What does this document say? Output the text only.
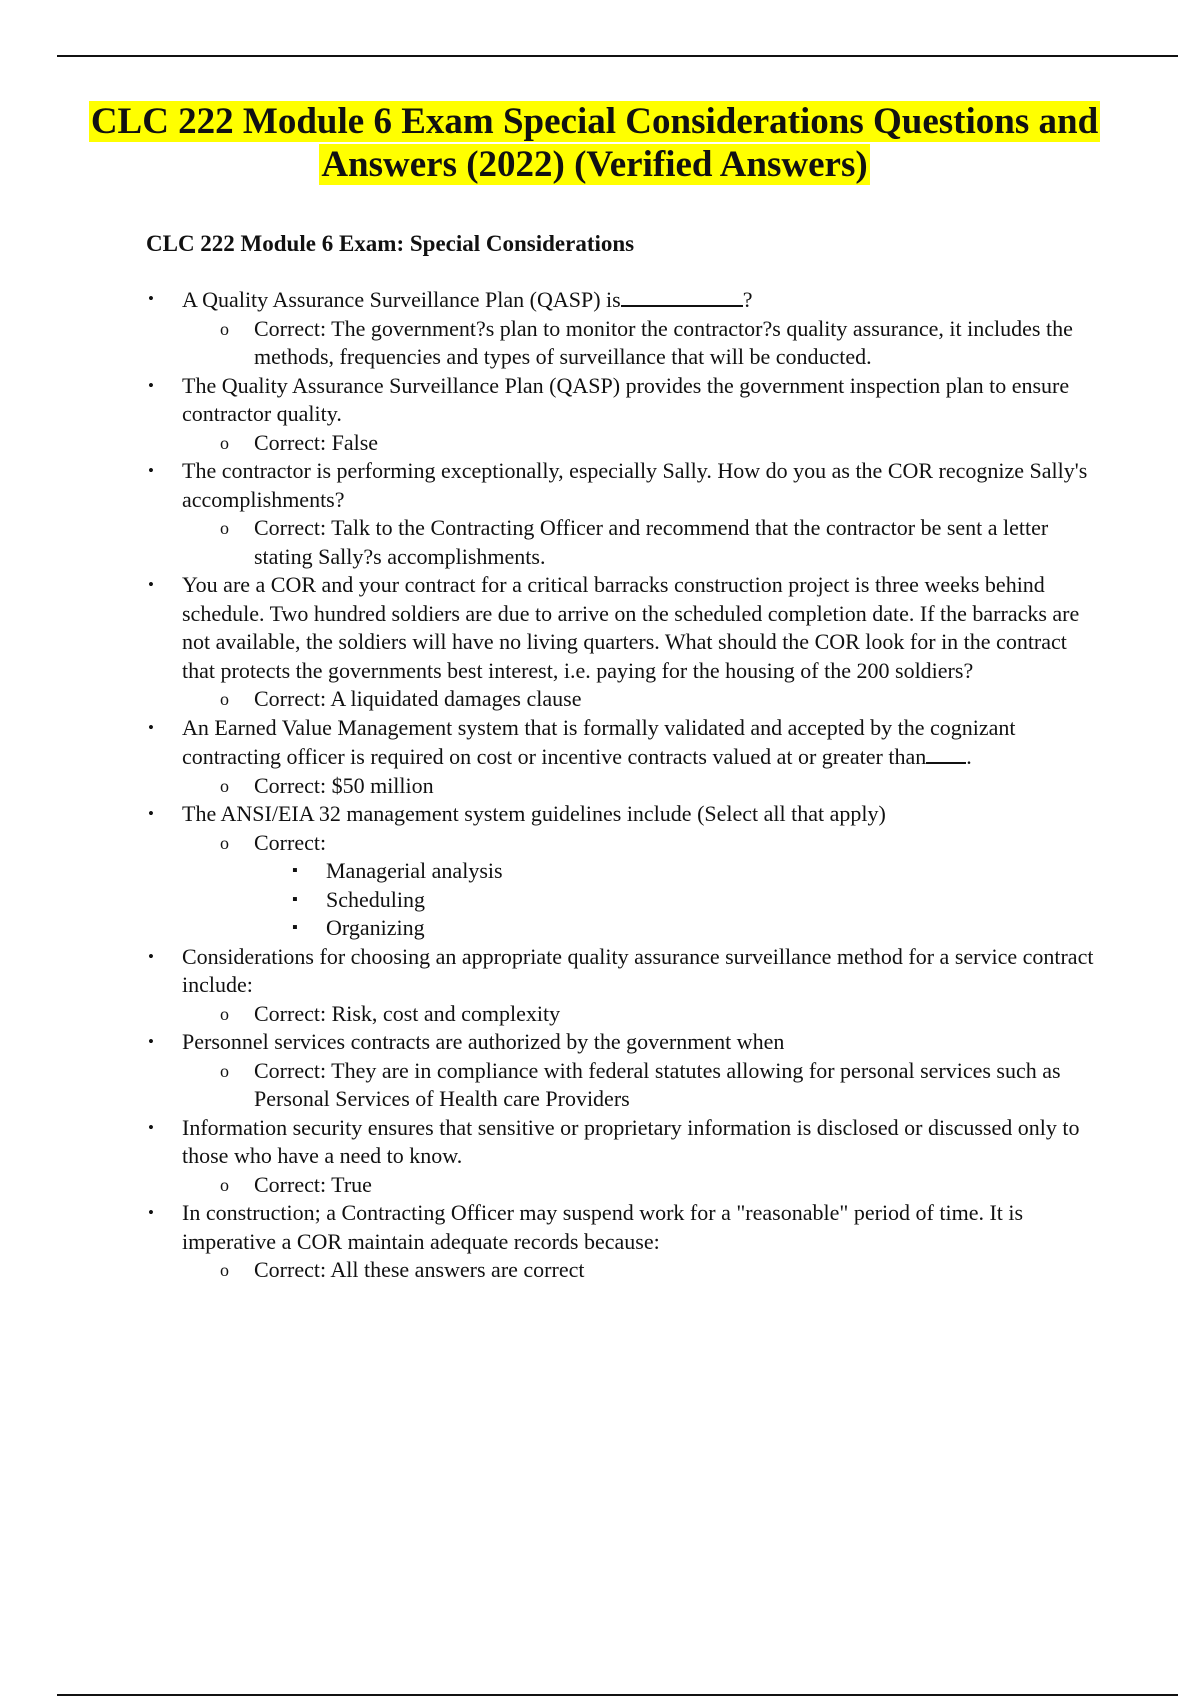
CLC 222 Module 6 Exam Special Considerations Questions and
Answers (2022) (Verified Answers)
CLC 222 Module 6 Exam: Special Considerations

• A Quality Assurance Surveillance Plan (QASP) is	?

o Correct: The government?s plan to monitor the contractor?s quality assurance, it includes the methods, frequencies and types of surveillance that will be conducted.

• The Quality Assurance Surveillance Plan (QASP) provides the government inspection plan to ensure contractor quality.

o Correct: False

• The contractor is performing exceptionally, especially Sally. How do you as the COR recognize Sally's accomplishments?

o Correct: Talk to the Contracting Officer and recommend that the contractor be sent a letter stating Sally?s accomplishments.

• You are a COR and your contract for a critical barracks construction project is three weeks behind schedule. Two hundred soldiers are due to arrive on the scheduled completion date. If the barracks are not available, the soldiers will have no living quarters. What should the COR look for in the contract that protects the governments best interest, i.e. paying for the housing of the 200 soldiers?

o Correct: A liquidated damages clause

• An Earned Value Management system that is formally validated and accepted by the cognizant contracting officer is required on cost or incentive contracts valued at or greater than .

o Correct: $50 million

• The ANSI/EIA 32 management system guidelines include (Select all that apply)

o Correct:

▪ Managerial analysis

▪ Scheduling

▪ Organizing

• Considerations for choosing an appropriate quality assurance surveillance method for a service contract include:

o Correct: Risk, cost and complexity

• Personnel services contracts are authorized by the government when

o Correct: They are in compliance with federal statutes allowing for personal services such as Personal Services of Health care Providers

• Information security ensures that sensitive or proprietary information is disclosed or discussed only to those who have a need to know.

o Correct: True

• In construction; a Contracting Officer may suspend work for a "reasonable" period of time. It is imperative a COR maintain adequate records because:

o Correct: All these answers are correct
